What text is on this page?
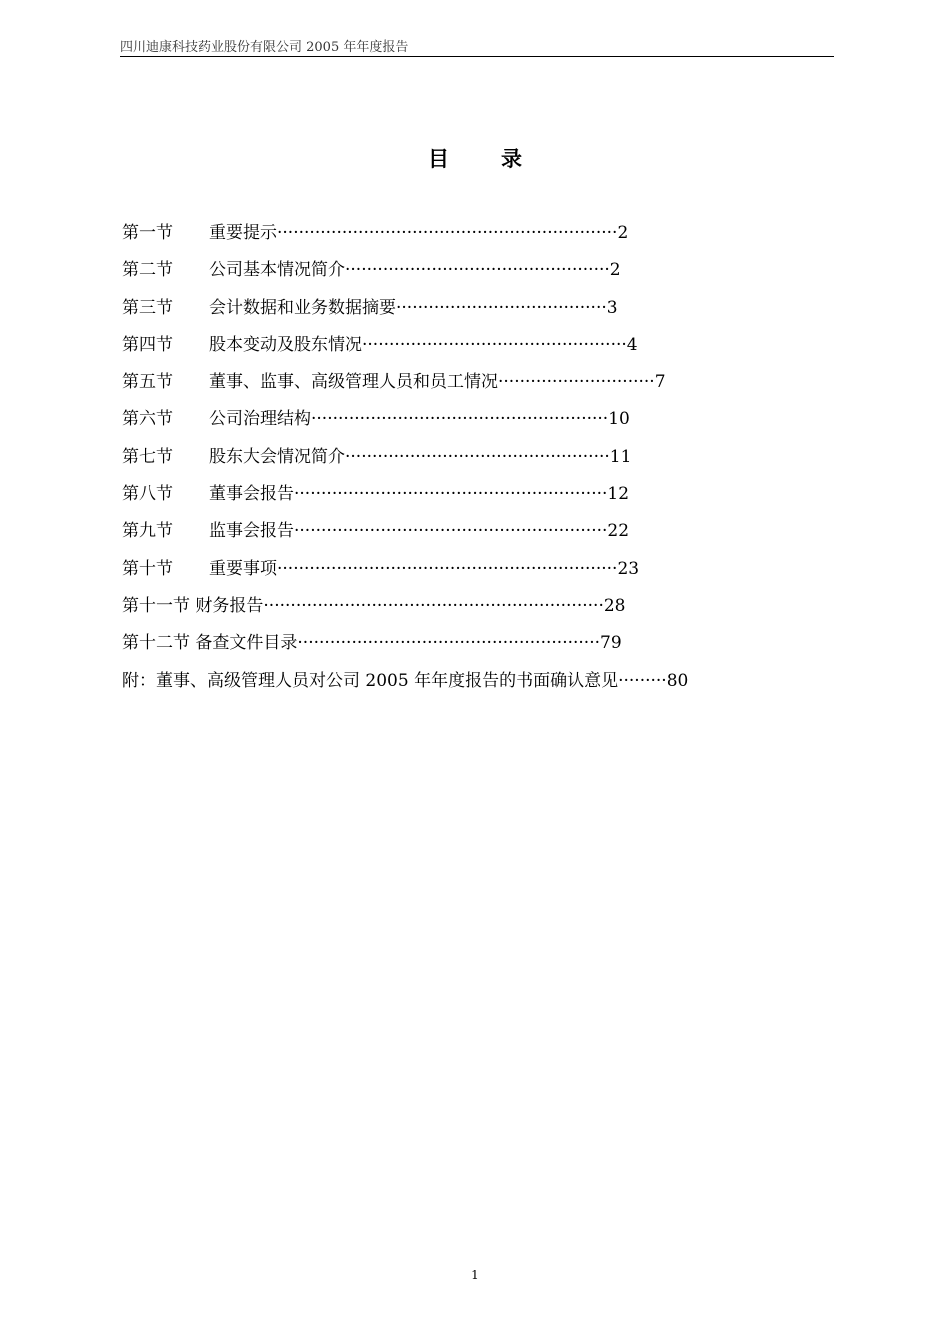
四川迪康科技药业股份有限公司 2005 年年度报告
目 录
第一节 重要提示·······························································2
第二节 公司基本情况简介·················································2
第三节 会计数据和业务数据摘要·······································3
第四节 股本变动及股东情况·················································4
第五节 董事、监事、高级管理人员和员工情况·····························7
第六节 公司治理结构·······················································10
第七节 股东大会情况简介·················································11
第八节 董事会报告··························································12
第九节 监事会报告··························································22
第十节 重要事项·······························································23
第十一节 财务报告·······························································28
第十二节 备查文件目录························································79
附：董事、高级管理人员对公司 2005 年年度报告的书面确认意见·········80
1
